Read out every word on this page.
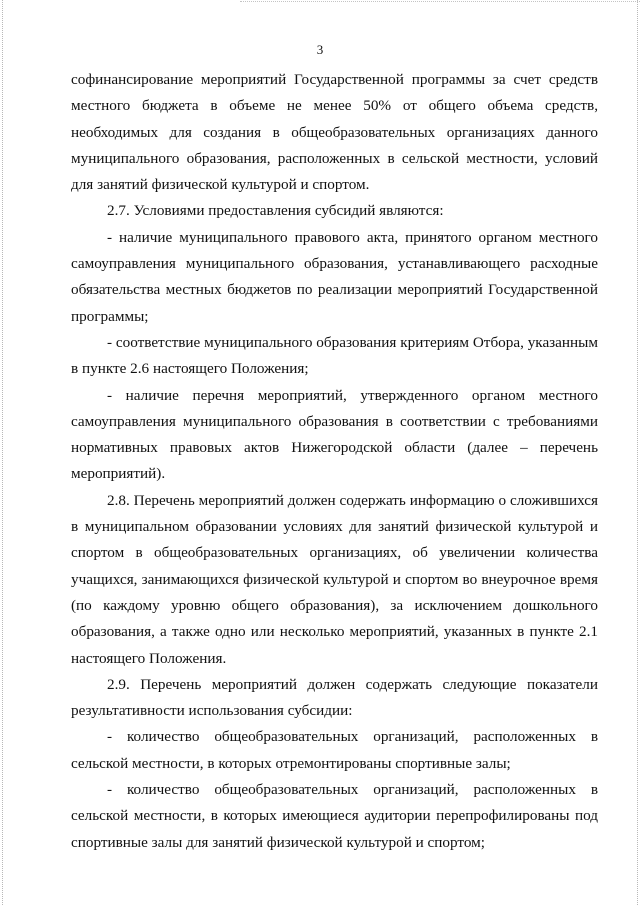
3

софинансирование мероприятий Государственной программы за счет средств местного бюджета в объеме не менее 50% от общего объема средств, необходимых для создания в общеобразовательных организациях данного муниципального образования, расположенных в сельской местности, условий для занятий физической культурой и спортом.

2.7. Условиями предоставления субсидий являются:

- наличие муниципального правового акта, принятого органом местного самоуправления муниципального образования, устанавливающего расходные обязательства местных бюджетов по реализации мероприятий Государственной программы;

- соответствие муниципального образования критериям Отбора, указанным в пункте 2.6 настоящего Положения;

- наличие перечня мероприятий, утвержденного органом местного самоуправления муниципального образования в соответствии с требованиями нормативных правовых актов Нижегородской области (далее – перечень мероприятий).

2.8. Перечень мероприятий должен содержать информацию о сложившихся в муниципальном образовании условиях для занятий физической культурой и спортом в общеобразовательных организациях, об увеличении количества учащихся, занимающихся физической культурой и спортом во внеурочное время (по каждому уровню общего образования), за исключением дошкольного образования, а также одно или несколько мероприятий, указанных в пункте 2.1 настоящего Положения.

2.9. Перечень мероприятий должен содержать следующие показатели результативности использования субсидии:

- количество общеобразовательных организаций, расположенных в сельской местности, в которых отремонтированы спортивные залы;

- количество общеобразовательных организаций, расположенных в сельской местности, в которых имеющиеся аудитории перепрофилированы под спортивные залы для занятий физической культурой и спортом;
